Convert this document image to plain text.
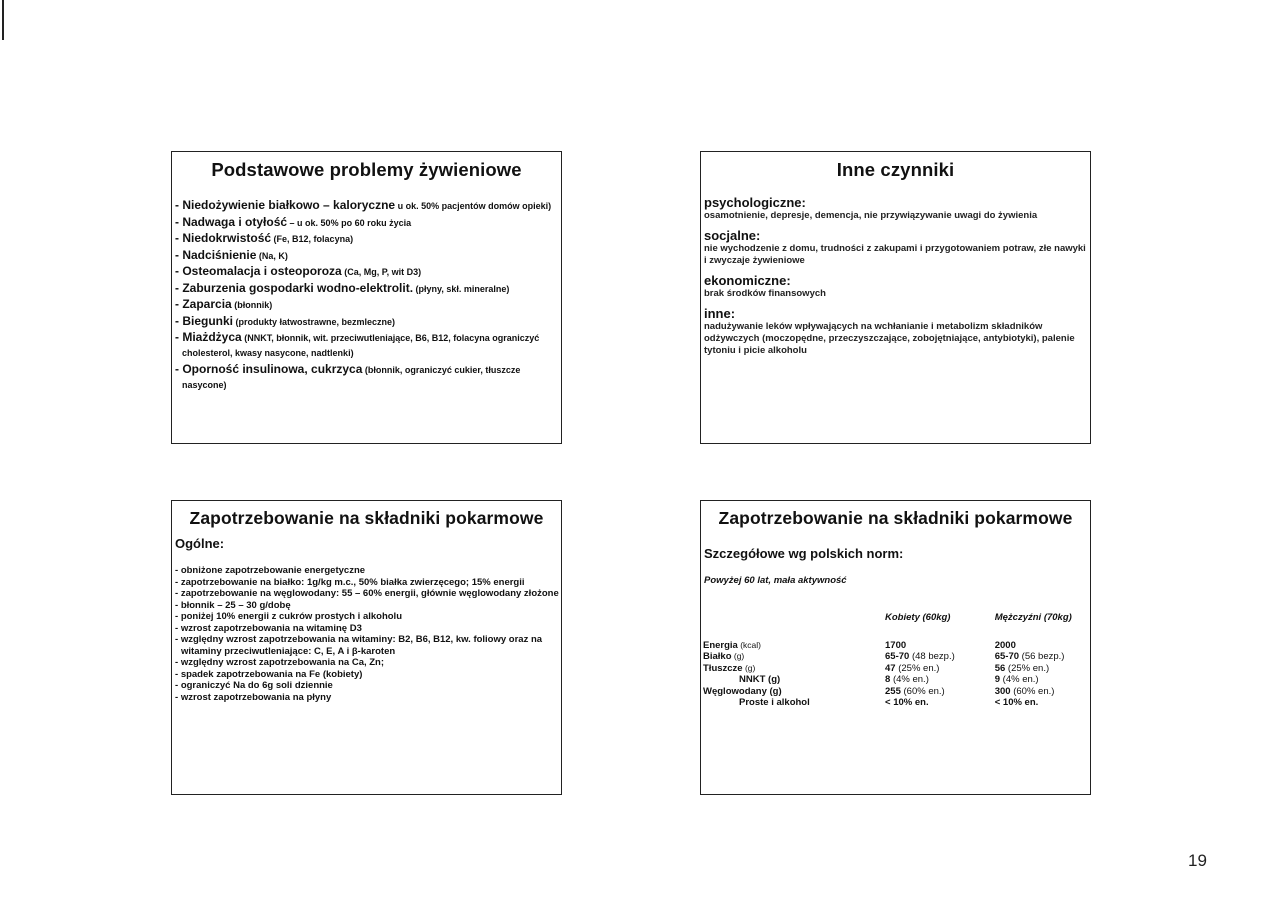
Podstawowe problemy żywieniowe
- Niedożywienie białkowo – kaloryczne u ok. 50% pacjentów domów opieki)
- Nadwaga i otyłość – u ok. 50% po 60 roku życia
- Niedokrwistość (Fe, B12, folacyna)
- Nadciśnienie (Na, K)
- Osteomalacja i osteoporoza (Ca, Mg, P, wit D3)
- Zaburzenia gospodarki wodno-elektrolit. (płyny, skł. mineralne)
- Zaparcia (błonnik)
- Biegunki (produkty łatwostrawne, bezmleczne)
- Miażdżyca (NNKT, błonnik, wit. przeciwutleniające, B6, B12, folacyna ograniczyć cholesterol, kwasy nasycone, nadtlenki)
- Oporność insulinowa, cukrzyca (błonnik, ograniczyć cukier, tłuszcze nasycone)
Inne czynniki
psychologiczne:
osamotnienie, depresje, demencja, nie przywiązywanie uwagi do żywienia
socjalne:
nie wychodzenie z domu, trudności z zakupami i przygotowaniem potraw, złe nawyki i zwyczaje żywieniowe
ekonomiczne:
brak środków finansowych
inne:
nadużywanie leków wpływających na wchłanianie i metabolizm składników odżywczych (moczopędne, przeczyszczające, zobojętniające, antybiotyki), palenie tytoniu i picie alkoholu
Zapotrzebowanie na składniki pokarmowe
Ogólne:
- obniżone zapotrzebowanie energetyczne
- zapotrzebowanie na białko: 1g/kg m.c., 50% białka zwierzęcego; 15% energii
- zapotrzebowanie na węglowodany: 55 – 60% energii, głównie węglowodany złożone
- błonnik – 25 – 30 g/dobę
- poniżej 10% energii z cukrów prostych i alkoholu
- wzrost zapotrzebowania na witaminę D3
- względny wzrost zapotrzebowania na witaminy: B2, B6, B12, kw. foliowy oraz na witaminy przeciwutleniające: C, E, A i β-karoten
- względny wzrost zapotrzebowania na Ca, Zn;
- spadek zapotrzebowania na Fe (kobiety)
- ograniczyć Na do 6g soli dziennie
- wzrost zapotrzebowania na płyny
Zapotrzebowanie na składniki pokarmowe
Szczegółowe wg polskich norm:
Powyżej 60 lat, mała aktywność
	Kobiety (60kg)	Mężczyźni (70kg)
Energia (kcal)	1700	2000
Białko (g)	65-70 (48 bezp.)	65-70 (56 bezp.)
Tłuszcze (g)	47 (25% en.)	56 (25% en.)
NNKT (g)	8 (4% en.)	9 (4% en.)
Węglowodany (g)	255 (60% en.)	300 (60% en.)
Proste i alkohol	< 10% en.	< 10% en.
19
